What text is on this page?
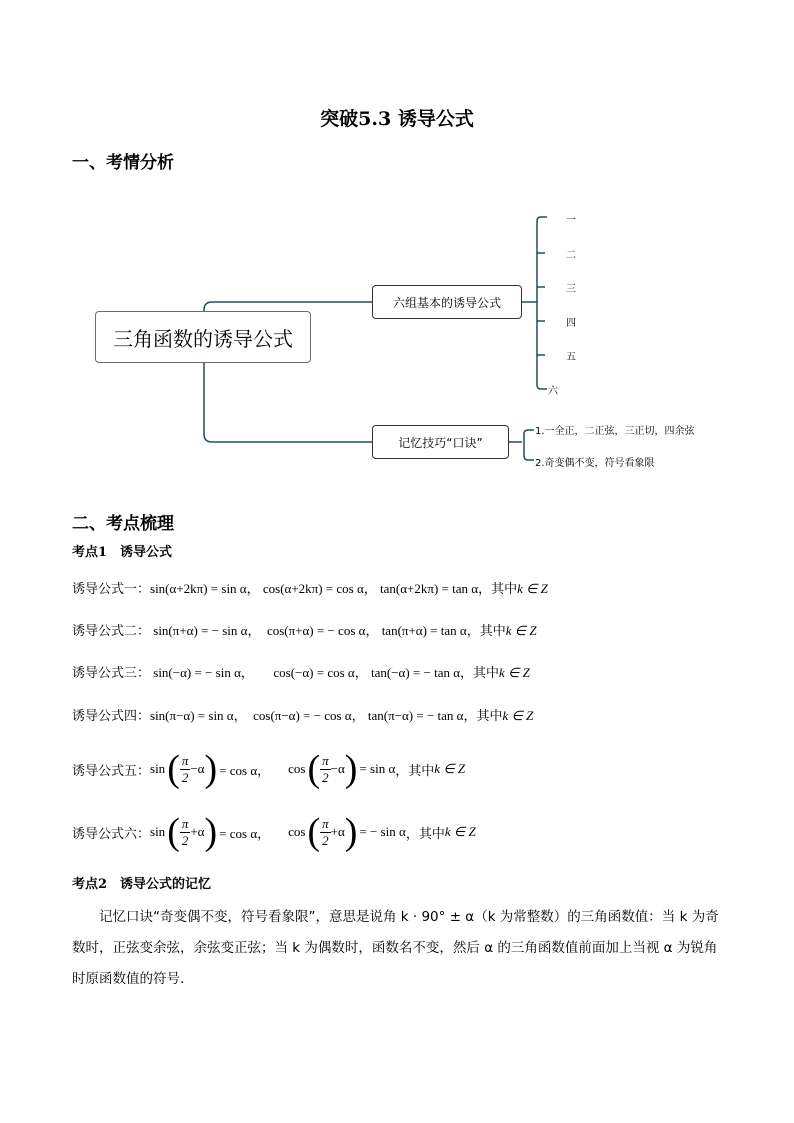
突破5.3 诱导公式
一、考情分析
三角函数的诱导公式
六组基本的诱导公式
记忆技巧“口诀”
一
二
三
四
五
六
1.一全正，二正弦，三正切，四余弦
2.奇变偶不变，符号看象限
二、考点梳理
考点1　诱导公式
诱导公式一：sin(α+2kπ) = sin α， cos(α+2kπ) = cos α， tan(α+2kπ) = tan α，其中k ∈ Z
诱导公式二： sin(π+α) = − sin α，　cos(π+α) = − cos α， tan(π+α) = tan α，其中k ∈ Z
诱导公式三： sin(−α) = − sin α，　　cos(−α) = cos α， tan(−α) = − tan α，其中k ∈ Z
诱导公式四：sin(π−α) = sin α，　cos(π−α) = − cos α， tan(π−α) = − tan α，其中k ∈ Z
诱导公式五： sin ( $\frac{\pi}{2} -\alpha$ ) = cos α， cos ( $\frac{\pi}{2} -\alpha$ ) = sin α ，其中 k ∈ Z
诱导公式六： sin ( $\frac{\pi}{2} +\alpha$ ) = cos α， cos ( $\frac{\pi}{2} +\alpha$ ) = − sin α ，其中 k ∈ Z
考点2　诱导公式的记忆
　　记忆口诀“奇变偶不变，符号看象限”，意思是说角 k · 90° ± α（k 为常整数）的三角函数值：当 k 为奇数时，正弦变余弦，余弦变正弦；当 k 为偶数时，函数名不变，然后 α 的三角函数值前面加上当视 α 为锐角时原函数值的符号.
